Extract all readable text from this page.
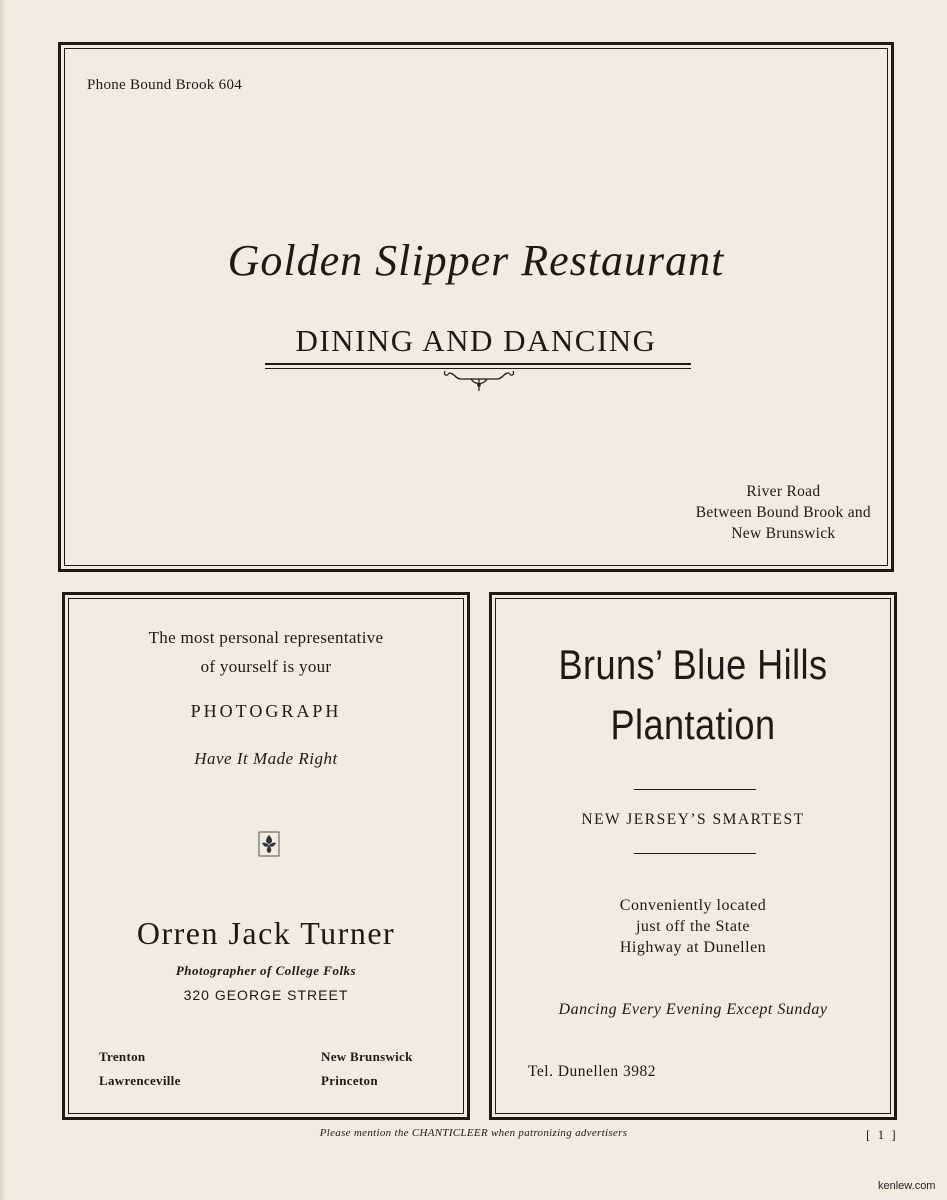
Phone Bound Brook 604
Golden Slipper Restaurant
DINING AND DANCING
River Road
Between Bound Brook and
New Brunswick
The most personal representative
of yourself is your
PHOTOGRAPH
Have It Made Right
Orren Jack Turner
Photographer of College Folks
320 GEORGE STREET
Trenton
Lawrenceville
New Brunswick
Princeton
Bruns’ Blue Hills
Plantation
NEW JERSEY’S SMARTEST
Conveniently located
just off the State
Highway at Dunellen
Dancing Every Evening Except Sunday
Tel. Dunellen 3982
Please mention the CHANTICLEER when patronizing advertisers	[ 1 ]
kenlew.com
